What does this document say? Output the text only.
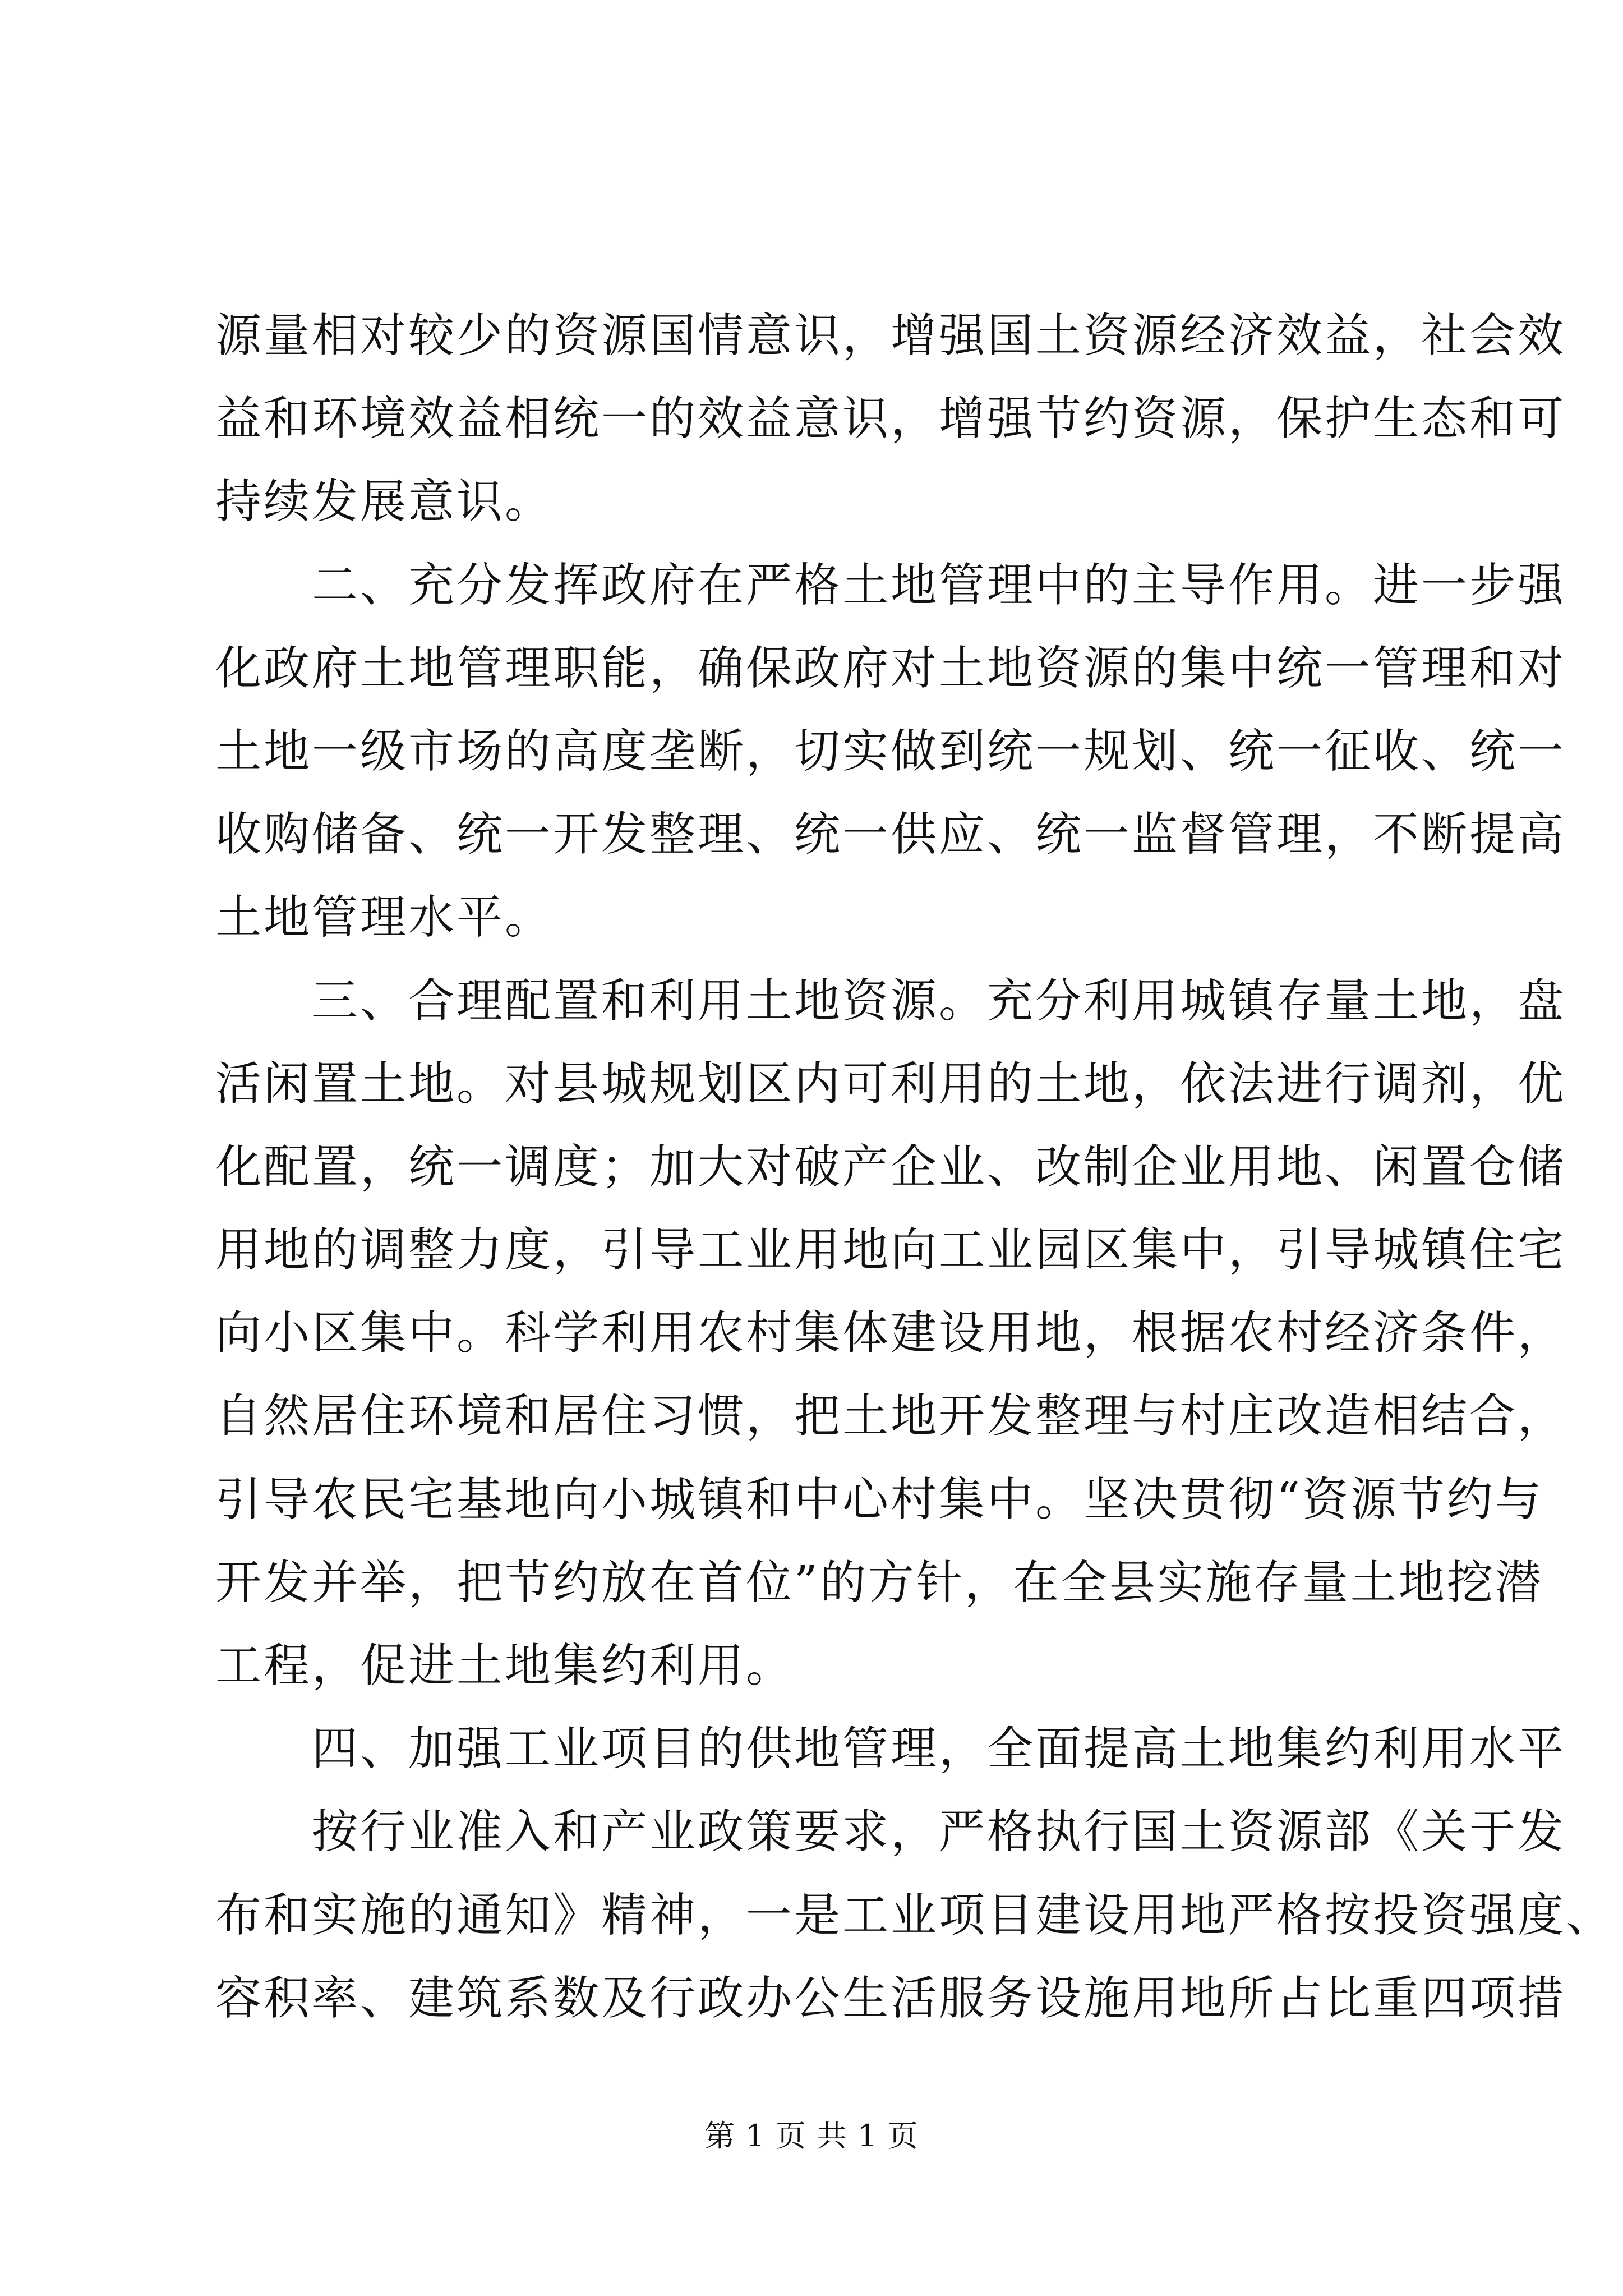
源量相对较少的资源国情意识，增强国土资源经济效益，社会效
益和环境效益相统一的效益意识，增强节约资源，保护生态和可
持续发展意识。
　　二、充分发挥政府在严格土地管理中的主导作用。进一步强
化政府土地管理职能，确保政府对土地资源的集中统一管理和对
土地一级市场的高度垄断，切实做到统一规划、统一征收、统一
收购储备、统一开发整理、统一供应、统一监督管理，不断提高
土地管理水平。
　　三、合理配置和利用土地资源。充分利用城镇存量土地，盘
活闲置土地。对县城规划区内可利用的土地，依法进行调剂，优
化配置，统一调度；加大对破产企业、改制企业用地、闲置仓储
用地的调整力度，引导工业用地向工业园区集中，引导城镇住宅
向小区集中。科学利用农村集体建设用地，根据农村经济条件，
自然居住环境和居住习惯，把土地开发整理与村庄改造相结合，
引导农民宅基地向小城镇和中心村集中。坚决贯彻“资源节约与
开发并举，把节约放在首位”的方针，在全县实施存量土地挖潜
工程，促进土地集约利用。
　　四、加强工业项目的供地管理，全面提高土地集约利用水平
　　按行业准入和产业政策要求，严格执行国土资源部《关于发
布和实施的通知》精神，一是工业项目建设用地严格按投资强度、
容积率、建筑系数及行政办公生活服务设施用地所占比重四项措
第 1 页 共 1 页
